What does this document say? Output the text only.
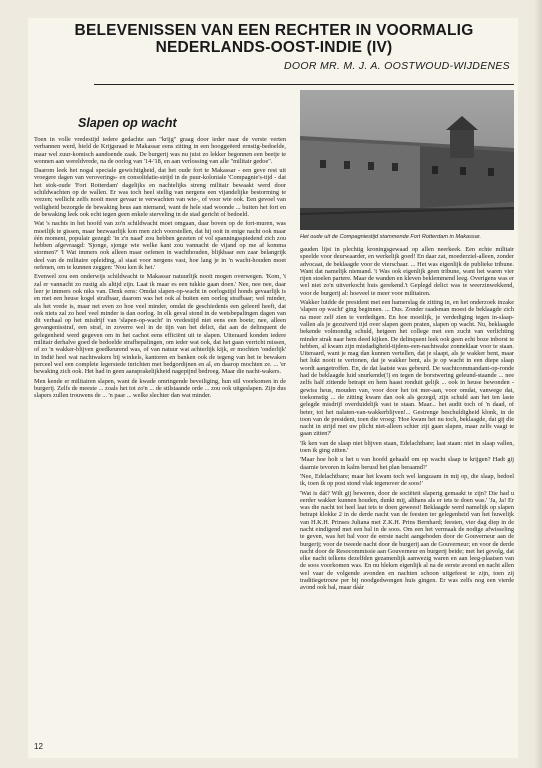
BELEVENISSEN VAN EEN RECHTER IN VOORMALIG
NEDERLANDS-OOST-INDIE (IV)
DOOR MR. M. J. A. OOSTWOUD-WIJDENES
Slapen op wacht
Het oude uit de Compagniestijd stammende Fort Rotterdam in Makassar.

Toen in volle vredestijd iedere gedachte aan "krijg" graag door ieder naar de verste verten verbannen werd, hield de Krijgsraad te Makassar eens zitting in een hooggeëerd ernstig-bedoelde, maar wel zuur-komisch aandoende zaak. De burgerij was nu juist zo lekker begonnen een beetje te wonnen aan wereldvrede, na de oorlog van '14-'18, en aan verlossing van alle "militair gedoe".

Daarom leek het nogal speciale gewichtigheid, dat het oude fort te Makassar - een geve rest uit vroegere dagen van veroverings- en consolidatie-strijd in de puur-koloniale 'Compagnie's-tijd - dat het stok-oude 'Fort Rotterdam' dagelijks en nachtelijks streng militair bewaakt werd door schildwachten op de wallen. Er was toch heel stellig van nergens een vijandelijke bestorming te vrezen; wellicht zelfs nooit meer gevaar te verwachten van wie-, of voor wie ook. Een gevoel van veiligheid bezorgde de bewaking heus aan niemand, want de hele stad woonde ... buiten het fort en de bewaking leek ook echt tegen geen enkele sterveling in de stad gericht of bedoeld.

Wat 's nachts in het hoofd van zo'n schildwacht moet omgaan, daar boven op de fort-muren, was moeilijk te gissen, maar bezwaarlijk kon men zich voorstellen, dat hij ooit in enige nacht ook maar één moment, populair gezegd: 'in z'n naad' zou hebben gezeten of vol spanningsspiedend zich zou hebben afgevraagd: 'Sjonge, sjonge wie welke kant zou vannacht de vijand op me af komma stormen?' 'I Wat immers ook alleen maar oefenen in wachthouden, blijkbaar een zaar belangrijk deel van de militaire opleiding, al staat voor nergens vast, hoe lang je in 'n wacht-houden moet oefenen, om te kunnen zeggen: 'Nou ken ik het.'

Evenwel zou een onderwijs schildwacht te Makassar natuurlijk nooit mogen overwegen. 'Kom, 't zal er vannacht zo rustig als altijd zijn. Laat ik maar es een tukkie gaan doen.' Nee, nee nee, daar leer je immers ook niks van. Denk eens: Omdat slapen-op-wacht in oorlogstijd honds gevaarlijk is en met een heuse kogel strafbaar, daarom was het ook al buiten een oorlog strafbaar; wel minder, als het vrede is, maar net even zo hoe veel minder, omdat de geschiedenis een geleerd heeft, dat ook niets zal zo heel veel minder is dan oorlog. In elk geval stond in de wetsbepalingen dagen van dit verhaal op het misdrijf van 'slapen-op-wacht' in vredestijd niet eens een boete; nee, alleen gevangenisstraf, een straf, in zoverre wel in de tijn van het delict, dat aan de delinquent de gelegenheid werd gegeven om in het cachot eens efficiënt uit te slapen. Uiteraard konden iedere militair derhalve goed de bedoelde strafbepalingen, om ieder wat ook, dat het gaan verricht missen, of zo 'n wakker-blijven goedkeurend was, of van natuur wat achterlijk kijk, er mochten 'onderlijk' in Indië heel wat nachtwakers bij winkels, kantoren en banken ook de tegeng van het te bewaken perceel wel een complete legerstede inrichten met bedgordijnen en al, en daarop mochten ze. ... 'er bewaking zich ook. Het had in geen aansprakelijkheid nagepijnd bedroeg. Maar die nacht-wakers.

Men kende er militairen slapen, want de kwade omringende beveiliging, hun stil voorkomen in de burgerij. Zelfs de meeste ... zoals het tot zo'n ... de stilstaande orde ... zou ook uitgeslapen. Zijn dus slapers zullen trouwens de ... 'n paar ... welke slechter dan wat minder.

gauden lijst in plechtig kroningsgewaad op allen neerkeek. Een echte militair speelde voor deurwaarder, en werkelijk goed! En daar zat, moederziel-alleen, zonder advocaat, de beklaagde voor de vierschaar. ... Het was eigenlijk de publieke tribune. Want dat namelijk niemand. 't Was ook eigenlijk geen tribune, want het waren vier rijen stoelen partere. Maar de wanden en kleven beklemmend leeg. Overigens was er wel niet zo'n uitverkocht huis gerekend.'t Geplegd delict was te weerzinwekkend, voor de burgerij al: hoeveel te meer voor militairen.

Wakker luidde de president met een hamerslag de zitting in, en het onderzoek inzake 'slapen op wacht' ging beginnen. ... Dus. Zonder raadsman moest de beklaagde zich na meer zelf zien te verdedigen. En hoe moeilijk, je verdediging tegen in-slaap-vallen als je gezuiverd tijd over slapen geen praten, slapen op wacht. Nu, beklaagde bekende volmondig schuld, hetgeen het college met een zucht van verlichting minder strak naar hem deed kijken. De delinquent leek ook geen echt boze inborst te hebben, al kwam zijn misdadigheid-tijdens-een-nachtwake zonneklaar voor te staan. Uiteraard, want je mag dan kunnen vertellen, dat je slaapt, als je wakker bent, maar het lukt nooit te vertonen, dat je wakker bent, als je op wacht in een diepe slaap wordt aangetroffen. En, de dat laatste was gebeurd. De wachtcommandant-op-ronde had de beklaagde luid snurkende(!) en tegen de borstwering geleund-staande ... nee zelfs half zittende betrapt en hem haast ronduit gelijk ... ook in heuse bewonden - gewiss heus, mouden van, voor door het tot mer-aan, voor omdat, vanwege dat, toekomstig ... de zitting kwam dan ook als gezegd, zijn schuld aan het ten laste gelegde misdrijf overduidelijk vast te staan. Maar... het audit toch of 'n daad, of beter, tot het nalaten-van-wakkerblijven!... Gestrenge beschuldigheid klonk, in de toon van de president, toen die vroeg: 'Hoe kwam het nu toch, beklaagde, dat gij die nacht in strijd met uw plicht niet-alleen schier zijt gaan slapen, maar zelfs vaagt te gaan zitten?'

'Ik ken van de slaap niet blijven staan, Edelachtbare; laat staan: niet in slaap vallen, toen ik ging zitten.'

'Maar hoe holt u het u van hoofd gehaald om op wacht slaap te krijgen? Hadt gij daarnie tevoren in kalm berusd het plan beraamd?'

'Nee, Edelachtbare; maar het kwam toch wel langzaam in mij op, die slaap, bedoel ik, toen ik op post stond vlak tegenover de soos!'

'Wat is dát? Wilt gij beweren, door de sociëteit slaperig gemaakt te zijn? Die had u eerder wakker kunnen houden, dunkt mij, althans als er iets te doen was.' 'Ja, Ja! Er was die nacht tot heel laat iets te doen geweest! Beklaagde werd namelijk op slapen betrapt klokke 2 in de derde nacht van de feesten ter gelegenheid van het huwelijk van H.K.H. Prinses Juliana met Z.K.H. Prins Bernhard; feesten, vier dag diep in de nacht eindigend met een bal in de soos. Om een het vermaak de nodige afwisseling te geven, was het bal voor de eerste nacht aangeboden door de Gouverneur aan de burgerij; voor de tweede nacht door de burgerij aan de Gouverneur; en voor de derde nacht door de Resocommissie aan Gouverneur en burgerij beide; met het gevolg, dat elke nacht telkens dezelfden gezamenlijk aanwezig waren en aan leeg-plaatsen van de soos voorkomen was. En nu bleken eigenlijk al na de eerste avond en nacht allen wel vaar de volgende avonden en nachten schoon uitgefeest te zijn, toen zij traditiegetrouw per bij noodgedwongen huis gingen. Er was zelfs nog een vierde avond ook bal, maar dáár

12
